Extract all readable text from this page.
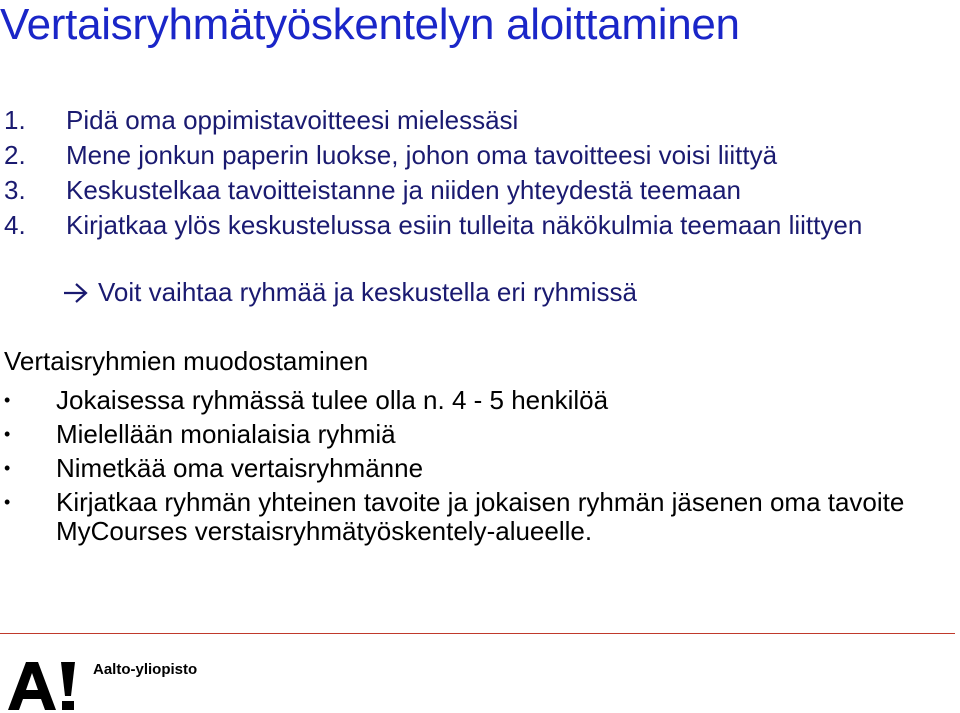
Vertaisryhmätyöskentelyn aloittaminen
1.	Pidä oma oppimistavoitteesi mielessäsi
2.	Mene jonkun paperin luokse, johon oma tavoitteesi voisi liittyä
3.	Keskustelkaa tavoitteistanne ja niiden yhteydestä teemaan
4.	Kirjatkaa ylös keskustelussa esiin tulleita näkökulmia teemaan liittyen
Voit vaihtaa ryhmää ja keskustella eri ryhmissä
Vertaisryhmien muodostaminen
•	Jokaisessa ryhmässä tulee olla n. 4 - 5 henkilöä
•	Mielellään monialaisia ryhmiä
•	Nimetkää oma vertaisryhmänne
•	Kirjatkaa ryhmän yhteinen tavoite ja jokaisen ryhmän jäsenen oma tavoite MyCourses verstaisryhmätyöskentely-alueelle.
Aalto-yliopisto
